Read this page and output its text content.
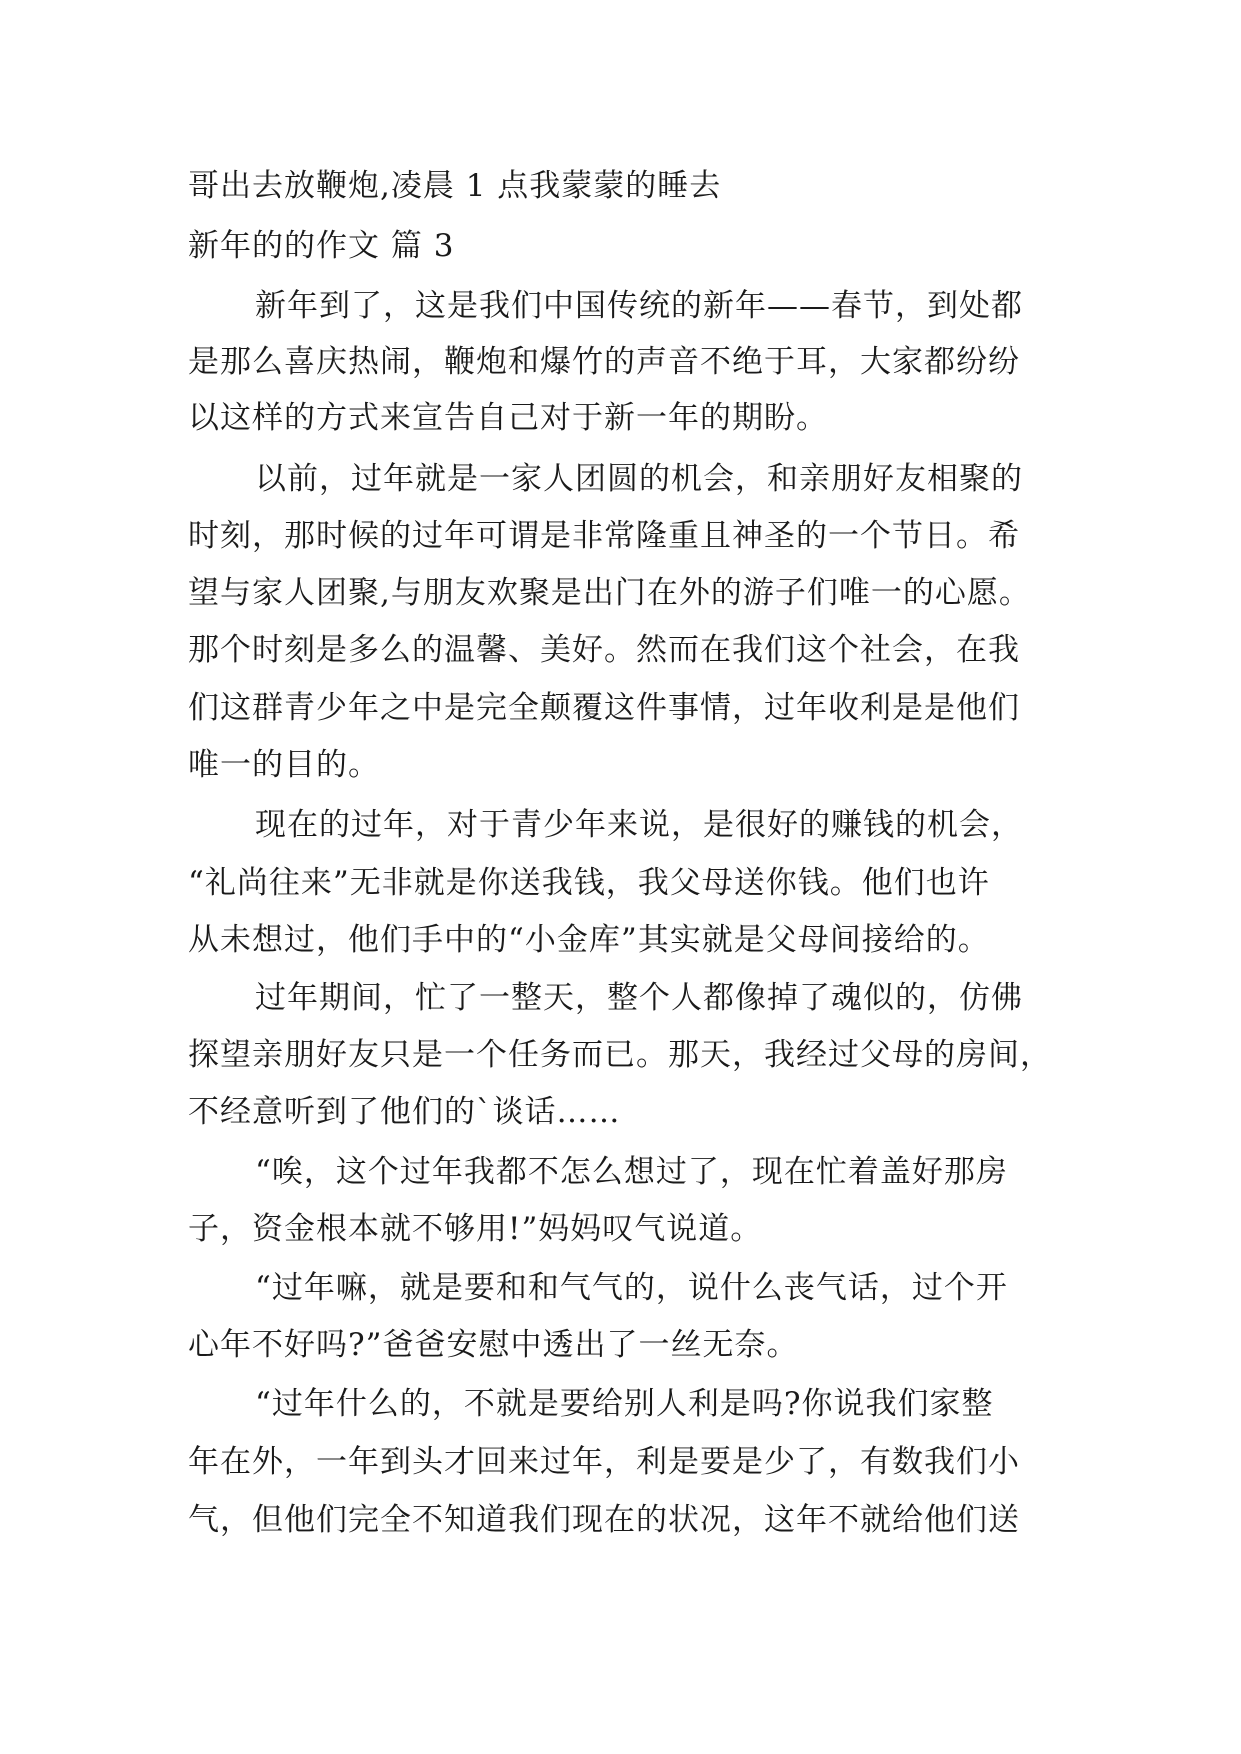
哥出去放鞭炮,凌晨 1 点我蒙蒙的睡去
新年的的作文 篇 3
新年到了，这是我们中国传统的新年——春节，到处都
是那么喜庆热闹，鞭炮和爆竹的声音不绝于耳，大家都纷纷
以这样的方式来宣告自己对于新一年的期盼。
以前，过年就是一家人团圆的机会，和亲朋好友相聚的
时刻，那时候的过年可谓是非常隆重且神圣的一个节日。希
望与家人团聚,与朋友欢聚是出门在外的游子们唯一的心愿。
那个时刻是多么的温馨、美好。然而在我们这个社会，在我
们这群青少年之中是完全颠覆这件事情，过年收利是是他们
唯一的目的。
现在的过年，对于青少年来说，是很好的赚钱的机会，
“礼尚往来”无非就是你送我钱，我父母送你钱。他们也许
从未想过，他们手中的“小金库”其实就是父母间接给的。
过年期间，忙了一整天，整个人都像掉了魂似的，仿佛
探望亲朋好友只是一个任务而已。那天，我经过父母的房间，
不经意听到了他们的`谈话……
“唉，这个过年我都不怎么想过了，现在忙着盖好那房
子，资金根本就不够用!”妈妈叹气说道。
“过年嘛，就是要和和气气的，说什么丧气话，过个开
心年不好吗?”爸爸安慰中透出了一丝无奈。
“过年什么的，不就是要给别人利是吗?你说我们家整
年在外，一年到头才回来过年，利是要是少了，有数我们小
气，但他们完全不知道我们现在的状况，这年不就给他们送
